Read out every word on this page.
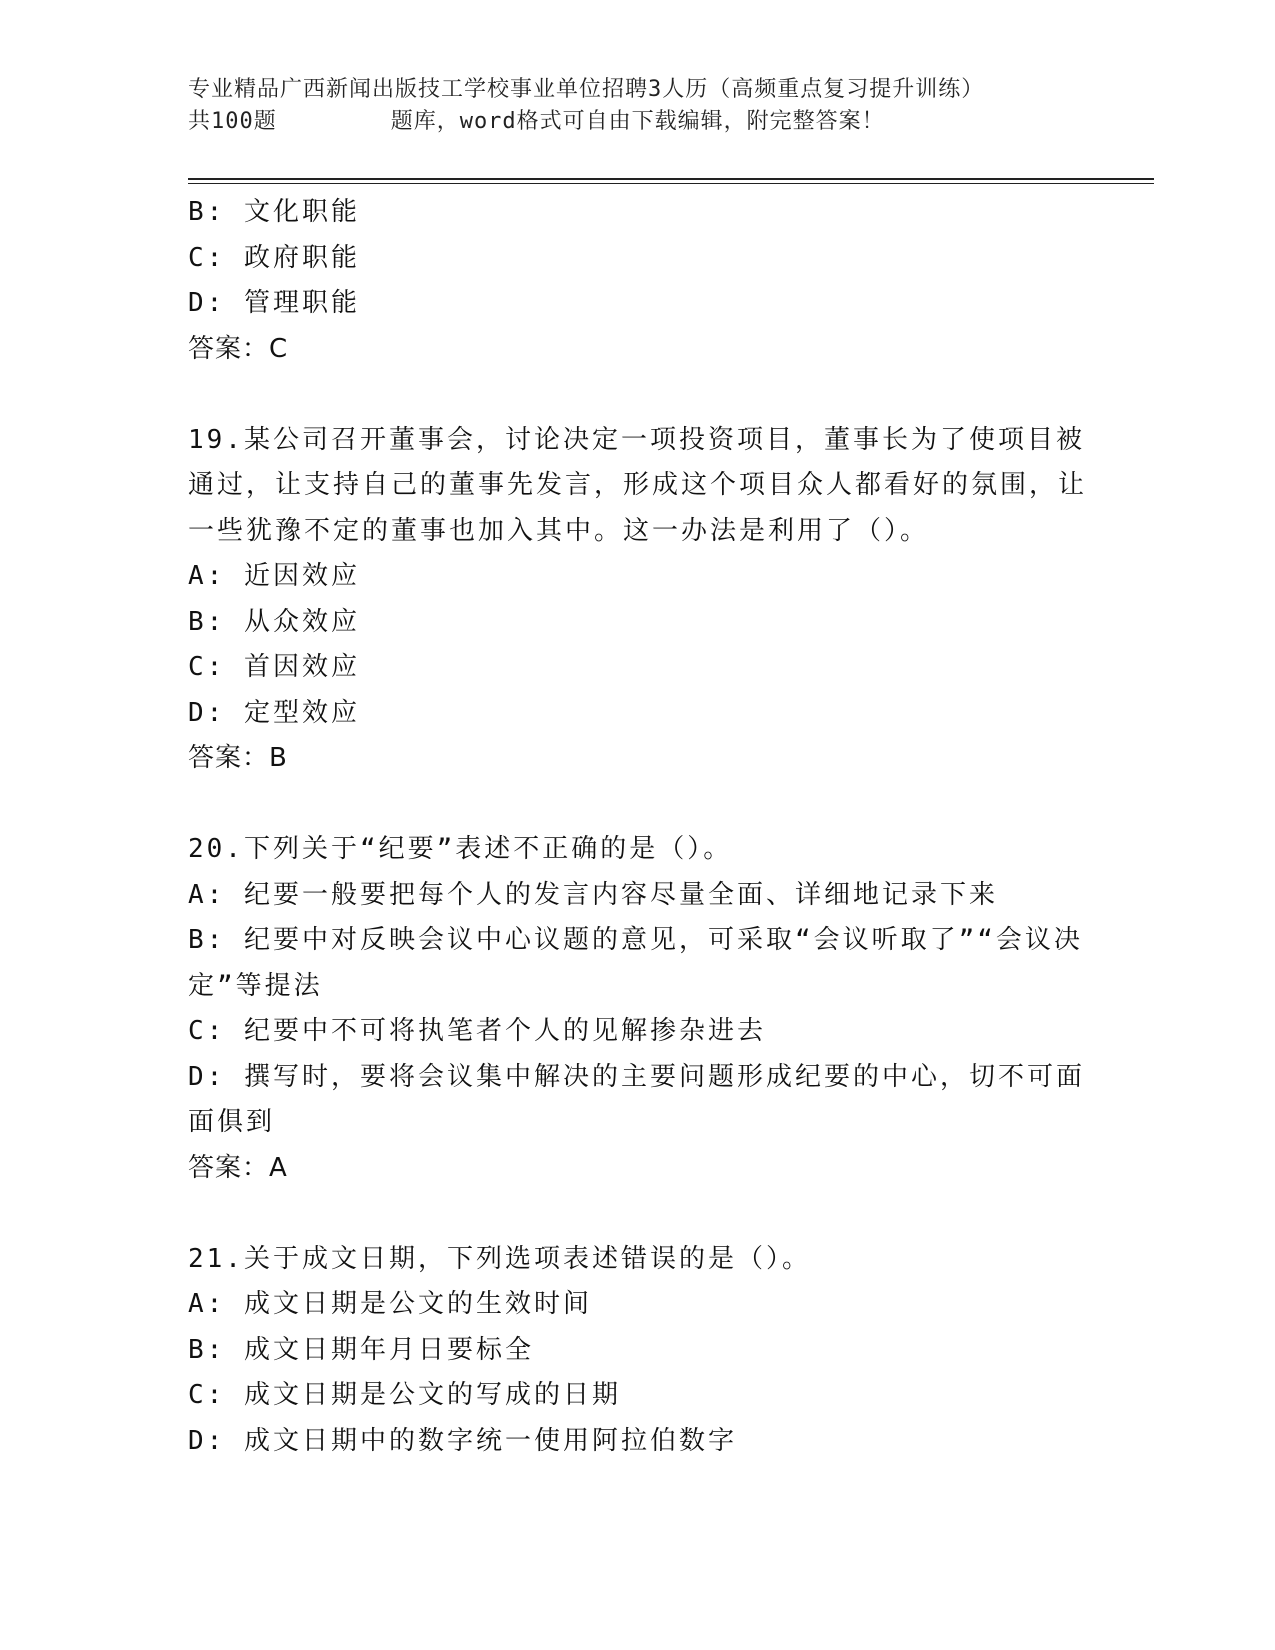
专业精品广西新闻出版技工学校事业单位招聘3人历（高频重点复习提升训练）
共100题        题库，word格式可自由下载编辑，附完整答案！

B: 文化职能

C: 政府职能

D: 管理职能

答案：C

19.某公司召开董事会，讨论决定一项投资项目，董事长为了使项目被通过，让支持自己的董事先发言，形成这个项目众人都看好的氛围，让一些犹豫不定的董事也加入其中。这一办法是利用了（）。

A: 近因效应

B: 从众效应

C: 首因效应

D: 定型效应

答案：B

20.下列关于“纪要”表述不正确的是（）。

A: 纪要一般要把每个人的发言内容尽量全面、详细地记录下来

B: 纪要中对反映会议中心议题的意见，可采取“会议听取了”“会议决定”等提法

C: 纪要中不可将执笔者个人的见解掺杂进去

D: 撰写时，要将会议集中解决的主要问题形成纪要的中心，切不可面面俱到

答案：A

21.关于成文日期，下列选项表述错误的是（）。

A: 成文日期是公文的生效时间

B: 成文日期年月日要标全

C: 成文日期是公文的写成的日期

D: 成文日期中的数字统一使用阿拉伯数字
